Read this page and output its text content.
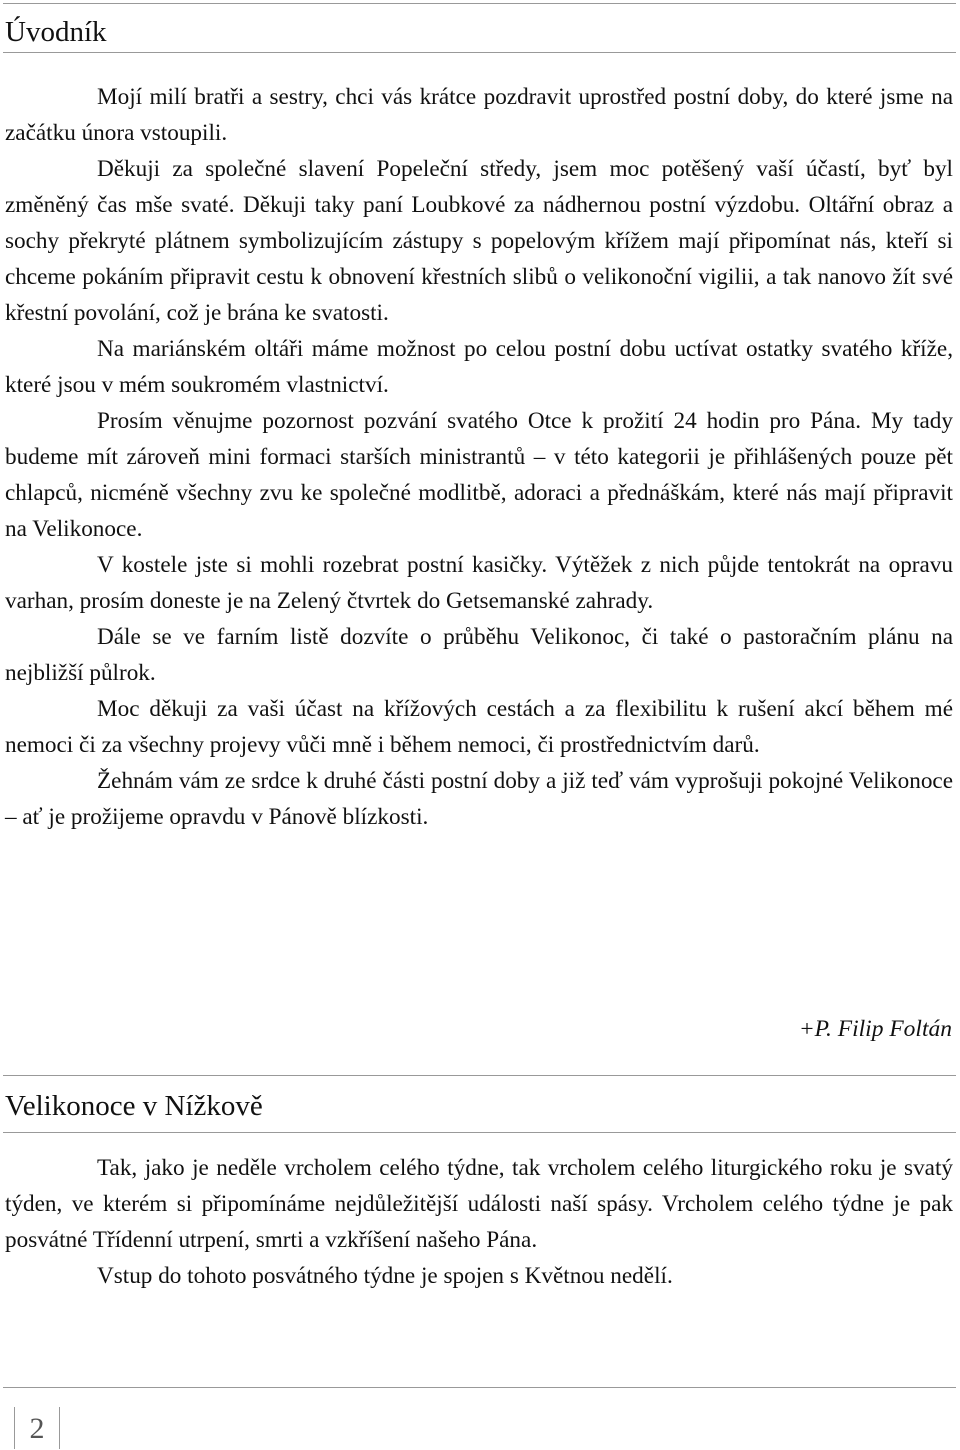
Úvodník

Mojí milí bratři a sestry, chci vás krátce pozdravit uprostřed postní doby, do které jsme na začátku února vstoupili.

Děkuji za společné slavení Popeleční středy, jsem moc potěšený vaší účastí, byť byl změněný čas mše svaté. Děkuji taky paní Loubkové za nádhernou postní výzdobu. Oltářní obraz a sochy překryté plátnem symbolizujícím zástupy s popelovým křížem mají připomínat nás, kteří si chceme pokáním připravit cestu k obnovení křestních slibů o velikonoční vigilii, a tak nanovo žít své křestní povolání, což je brána ke svatosti.

Na mariánském oltáři máme možnost po celou postní dobu uctívat ostatky svatého kříže, které jsou v mém soukromém vlastnictví.

Prosím věnujme pozornost pozvání svatého Otce k prožití 24 hodin pro Pána. My tady budeme mít zároveň mini formaci starších ministrantů – v této kategorii je přihlášených pouze pět chlapců, nicméně všechny zvu ke společné modlitbě, adoraci a přednáškám, které nás mají připravit na Velikonoce.

V kostele jste si mohli rozebrat postní kasičky. Výtěžek z nich půjde tentokrát na opravu varhan, prosím doneste je na Zelený čtvrtek do Getsemanské zahrady.

Dále se ve farním listě dozvíte o průběhu Velikonoc, či také o pastoračním plánu na nejbližší půlrok.

Moc děkuji za vaši účast na křížových cestách a za flexibilitu k rušení akcí během mé nemoci či za všechny projevy vůči mně i během nemoci, či prostřednictvím darů.

Žehnám vám ze srdce k druhé části postní doby a již teď vám vyprošuji pokojné Velikonoce – ať je prožijeme opravdu v Pánově blízkosti.

+P. Filip Foltán
Velikonoce v Nížkově

Tak, jako je neděle vrcholem celého týdne, tak vrcholem celého liturgického roku je svatý týden, ve kterém si připomínáme nejdůležitější události naší spásy. Vrcholem celého týdne je pak posvátné Třídenní utrpení, smrti a vzkříšení našeho Pána.

Vstup do tohoto posvátného týdne je spojen s Květnou nedělí.

2
